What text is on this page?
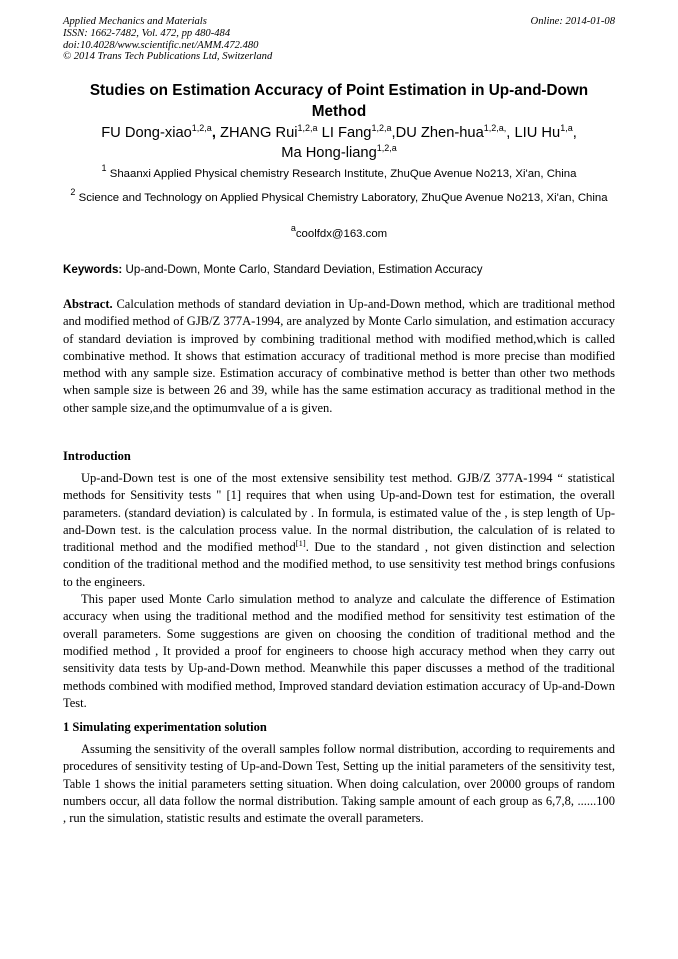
Applied Mechanics and Materials
ISSN: 1662-7482, Vol. 472, pp 480-484
doi:10.4028/www.scientific.net/AMM.472.480
© 2014 Trans Tech Publications Ltd, Switzerland
Online: 2014-01-08
Studies on Estimation Accuracy of Point Estimation in Up-and-Down Method
FU Dong-xiao$^{1,2,a}$, ZHANG Rui$^{1,2,a}$ LI Fang$^{1,2,a}$,DU Zhen-hua$^{1,2,a,}$, LIU Hu$^{1,a}$,
Ma Hong-liang$^{1,2,a}$
$^1$ Shaanxi Applied Physical chemistry Research Institute, ZhuQue Avenue No213, Xi'an, China
$^2$ Science and Technology on Applied Physical Chemistry Laboratory, ZhuQue Avenue No213, Xi'an, China
$^a$coolfdx@163.com
Keywords: Up-and-Down, Monte Carlo, Standard Deviation, Estimation Accuracy

Abstract. Calculation methods of standard deviation in Up-and-Down method, which are traditional method and modified method of GJB/Z 377A-1994, are analyzed by Monte Carlo simulation, and estimation accuracy of standard deviation is improved by combining traditional method with modified method,which is called combinative method. It shows that estimation accuracy of traditional method is more precise than modified method with any sample size. Estimation accuracy of combinative method is better than other two methods when sample size is between 26 and 39, while has the same estimation accuracy as traditional method in the other sample size,and the optimumvalue of a is given.

Introduction

Up-and-Down test is one of the most extensive sensibility test method. GJB/Z 377A-1994 “ statistical methods for Sensitivity tests " [1] requires that when using Up-and-Down test for estimation, the overall parameters. (standard deviation) is calculated by . In formula, is estimated value of the , is step length of Up-and-Down test. is the calculation process value. In the normal distribution, the calculation of is related to traditional method and the modified method[1]. Due to the standard , not given distinction and selection condition of the traditional method and the modified method, to use sensitivity test method brings confusions to the engineers.

This paper used Monte Carlo simulation method to analyze and calculate the difference of Estimation accuracy when using the traditional method and the modified method for sensitivity test estimation of the overall parameters. Some suggestions are given on choosing the condition of traditional method and the modified method , It provided a proof for engineers to choose high accuracy method when they carry out sensitivity data tests by Up-and-Down method. Meanwhile this paper discusses a method of the traditional methods combined with modified method, Improved standard deviation estimation accuracy of Up-and-Down Test.

1 Simulating experimentation solution

Assuming the sensitivity of the overall samples follow normal distribution, according to requirements and procedures of sensitivity testing of Up-and-Down Test, Setting up the initial parameters of the sensitivity test, Table 1 shows the initial parameters setting situation. When doing calculation, over 20000 groups of random numbers occur, all data follow the normal distribution. Taking sample amount of each group as 6,7,8, ......100 , run the simulation, statistic results and estimate the overall parameters.
